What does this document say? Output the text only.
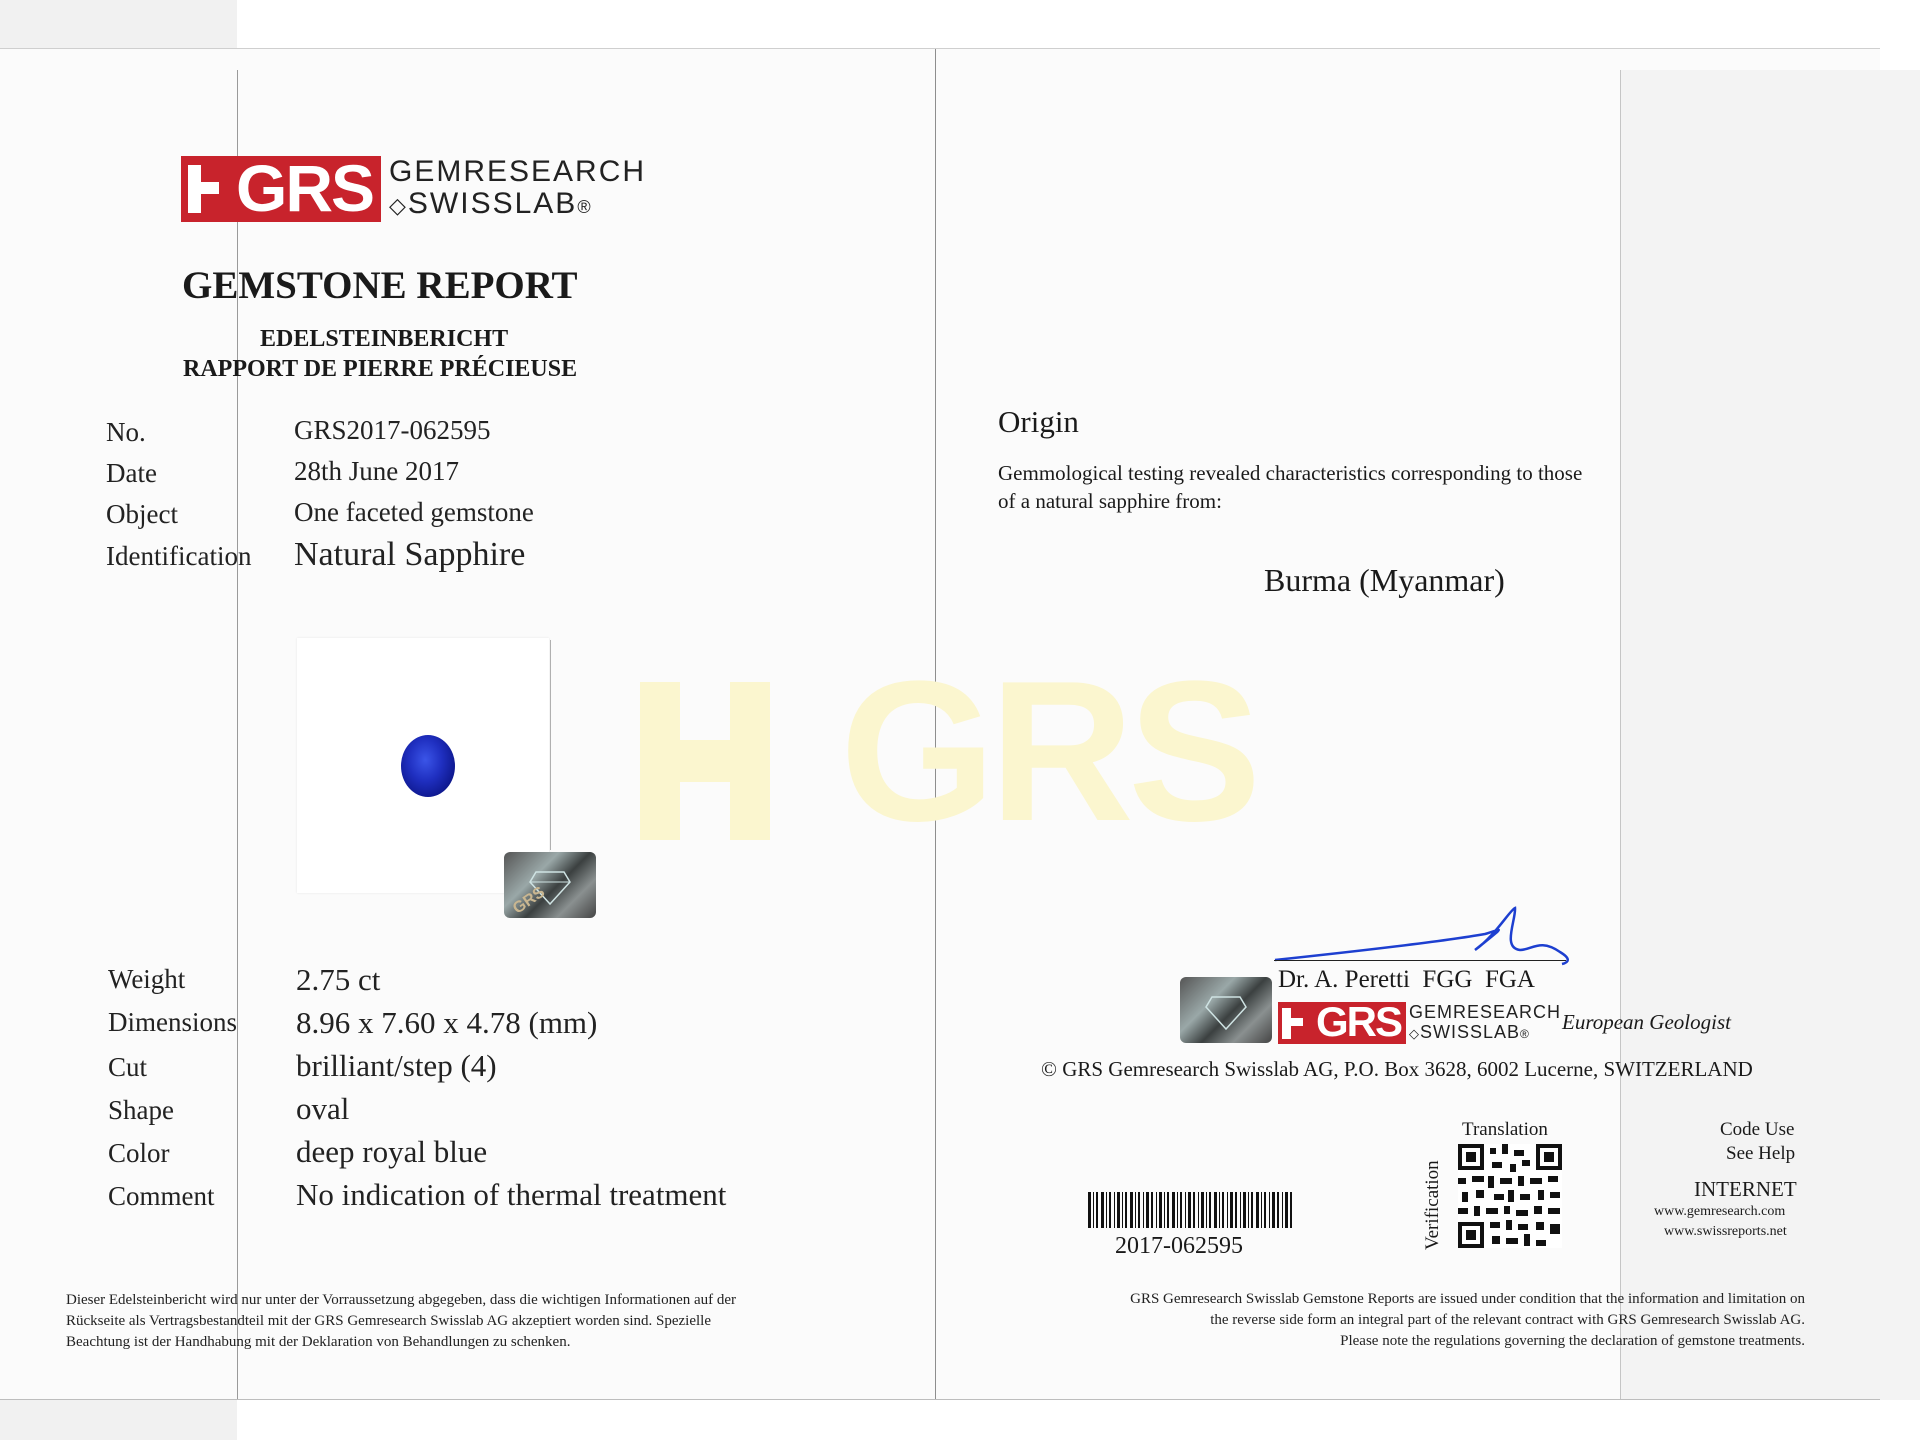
GRS
GRS GEMRESEARCH
◇SWISSLAB®
GEMSTONE REPORT
EDELSTEINBERICHT
RAPPORT DE PIERRE PRÉCIEUSE
No.	GRS2017-062595
Date	28th June 2017
Object	One faceted gemstone
Identification Natural Sapphire
GRS
Weight	2.75 ct
Dimensions 8.96 x 7.60 x 4.78 (mm)
Cut	brilliant/step (4)
Shape	oval
Color	deep royal blue
Comment	No indication of thermal treatment
Dieser Edelsteinbericht wird nur unter der Vorraussetzung abgegeben, dass die wichtigen Informationen auf der
Rückseite als Vertragsbestandteil mit der GRS Gemresearch Swisslab AG akzeptiert worden sind. Spezielle
Beachtung ist der Handhabung mit der Deklaration von Behandlungen zu schenken.
Origin
Gemmological testing revealed characteristics corresponding to those
of a natural sapphire from:
Burma (Myanmar)
Dr. A. Peretti  FGG  FGA
GRS GEMRESEARCH
◇SWISSLAB® European Geologist
© GRS Gemresearch Swisslab AG, P.O. Box 3628, 6002 Lucerne, SWITZERLAND
2017-062595
Translation
Verification
Code Use
See Help
INTERNET
www.gemresearch.com
www.swissreports.net
GRS Gemresearch Swisslab Gemstone Reports are issued under condition that the information and limitation on
the reverse side form an integral part of the relevant contract with GRS Gemresearch Swisslab AG.
Please note the regulations governing the declaration of gemstone treatments.
